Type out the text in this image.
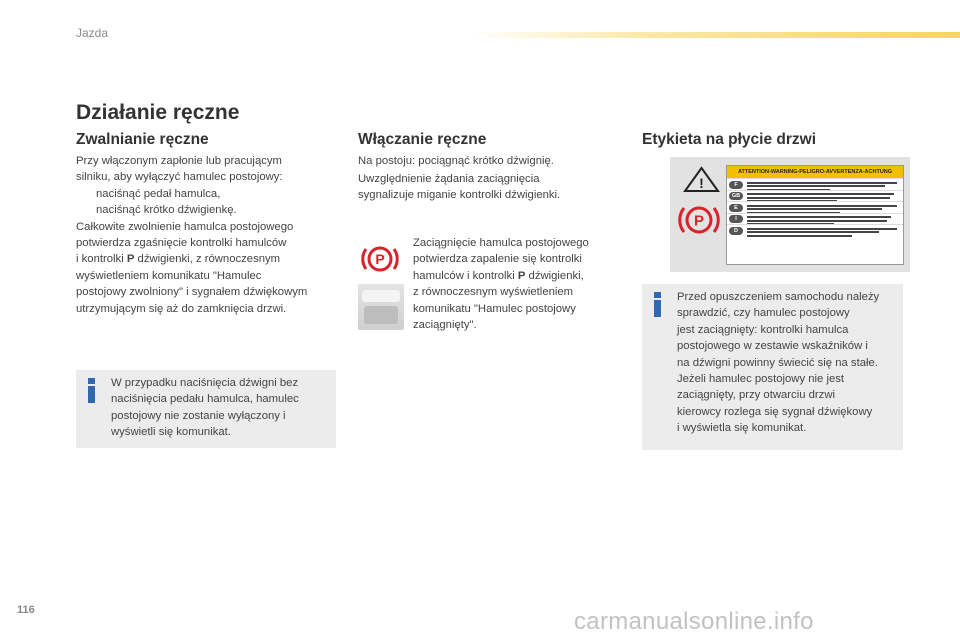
Jazda
Działanie ręczne
Zwalnianie ręczne

Przy włączonym zapłonie lub pracującym

silniku, aby wyłączyć hamulec postojowy:

naciśnąć pedał hamulca,

naciśnąć krótko dźwigienkę.

Całkowite zwolnienie hamulca postojowego

potwierdza zgaśnięcie kontrolki hamulców

i kontrolki P dźwigienki, z równoczesnym

wyświetleniem komunikatu "Hamulec

postojowy zwolniony" i sygnałem dźwiękowym

utrzymującym się aż do zamknięcia drzwi.

W przypadku naciśnięcia dźwigni bez

naciśnięcia pedału hamulca, hamulec

postojowy nie zostanie wyłączony i

wyświetli się komunikat.

Włączanie ręczne
Na postoju: pociągnąć krótko dźwignię.

Uwzględnienie żądania zaciągnięcia

sygnalizuje miganie kontrolki dźwigienki.

P

Zaciągnięcie hamulca postojowego

potwierdza zapalenie się kontrolki

hamulców i kontrolki P dźwigienki,

z równoczesnym wyświetleniem

komunikatu "Hamulec postojowy

zaciągnięty".

Etykieta na płycie drzwi
!
P
ATTENTION-WARNING-PELIGRO-AVVERTENZA-ACHTUNG
F
GB
E
I
D

Przed opuszczeniem samochodu należy

sprawdzić, czy hamulec postojowy

jest zaciągnięty: kontrolki hamulca

postojowego w zestawie wskaźników i

na dźwigni powinny świecić się na stałe.

Jeżeli hamulec postojowy nie jest

zaciągnięty, przy otwarciu drzwi

kierowcy rozlega się sygnał dźwiękowy

i wyświetla się komunikat.

116	carmanualsonline.info
